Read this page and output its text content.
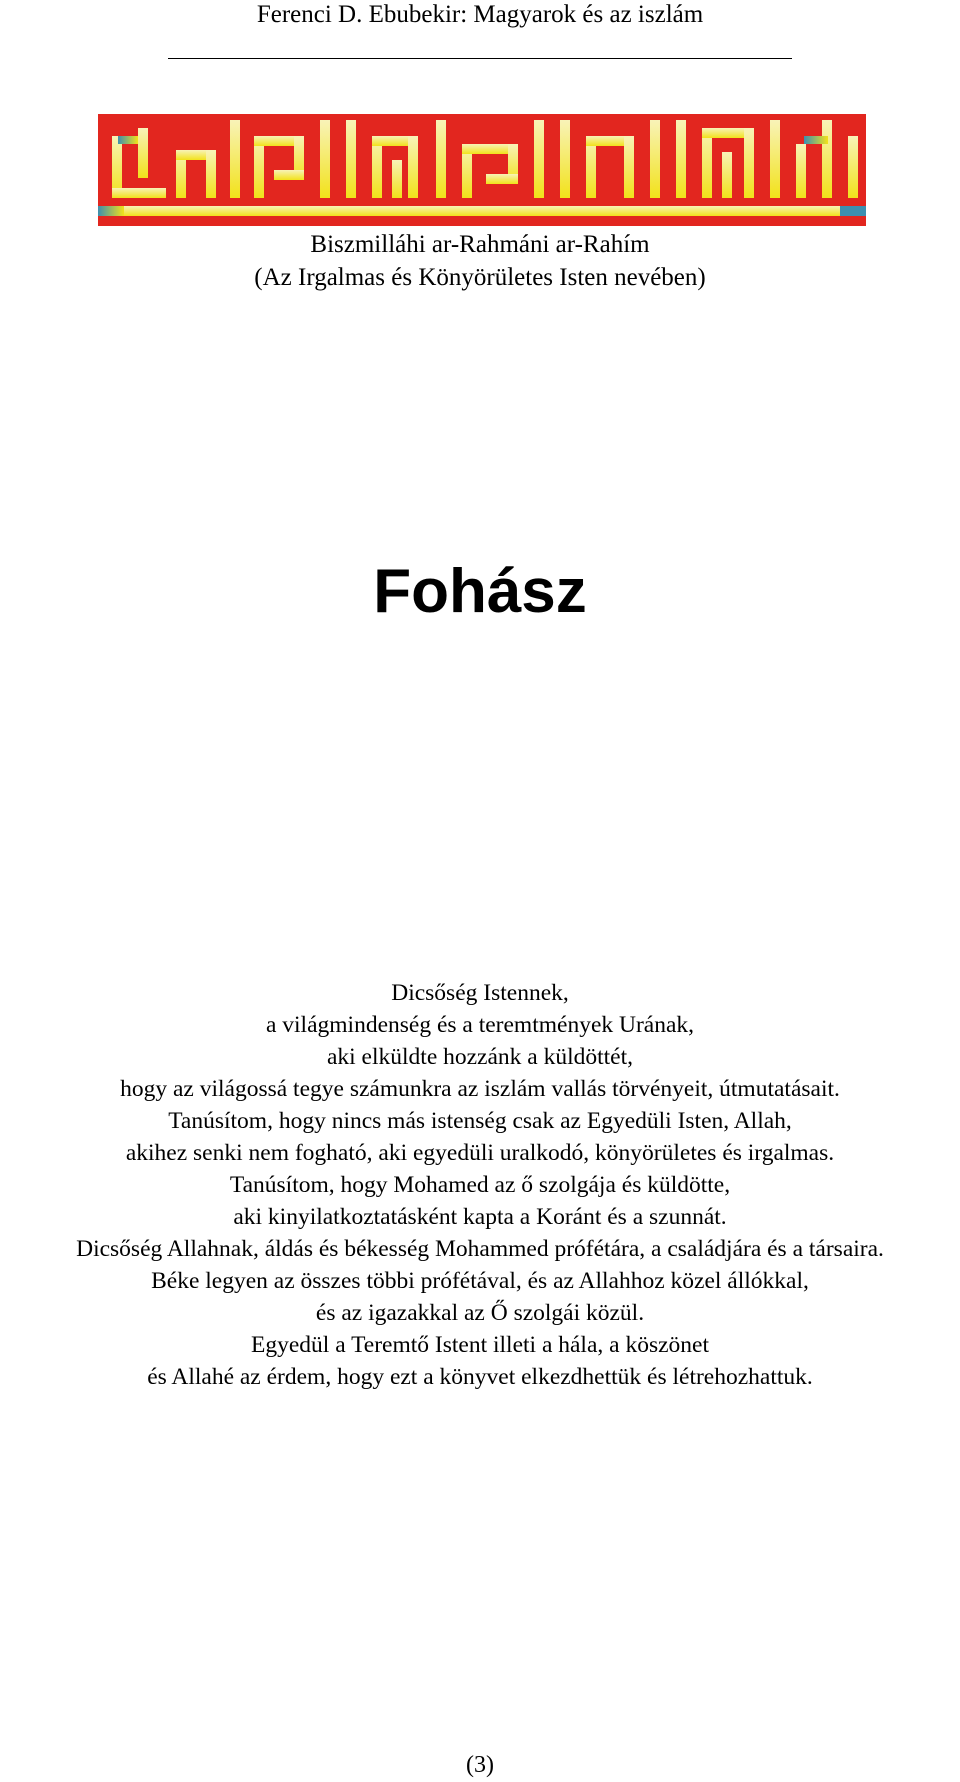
Ferenci D. Ebubekir: Magyarok és az iszlám
Biszmilláhi ar-Rahmáni ar-Rahím
(Az Irgalmas és Könyörületes Isten nevében)
Fohász
Dicsőség Istennek,
a világmindenség és a teremtmények Urának,
aki elküldte hozzánk a küldöttét,
hogy az világossá tegye számunkra az iszlám vallás törvényeit, útmutatásait.
Tanúsítom, hogy nincs más istenség csak az Egyedüli Isten, Allah,
akihez senki nem fogható, aki egyedüli uralkodó, könyörületes és irgalmas.
Tanúsítom, hogy Mohamed az ő szolgája és küldötte,
aki kinyilatkoztatásként kapta a Koránt és a szunnát.
Dicsőség Allahnak, áldás és békesség Mohammed prófétára, a családjára és a társaira.
Béke legyen az összes többi prófétával, és az Allahhoz közel állókkal,
és az igazakkal az Ő szolgái közül.
Egyedül a Teremtő Istent illeti a hála, a köszönet
és Allahé az érdem, hogy ezt a könyvet elkezdhettük és létrehozhattuk.
(3)
